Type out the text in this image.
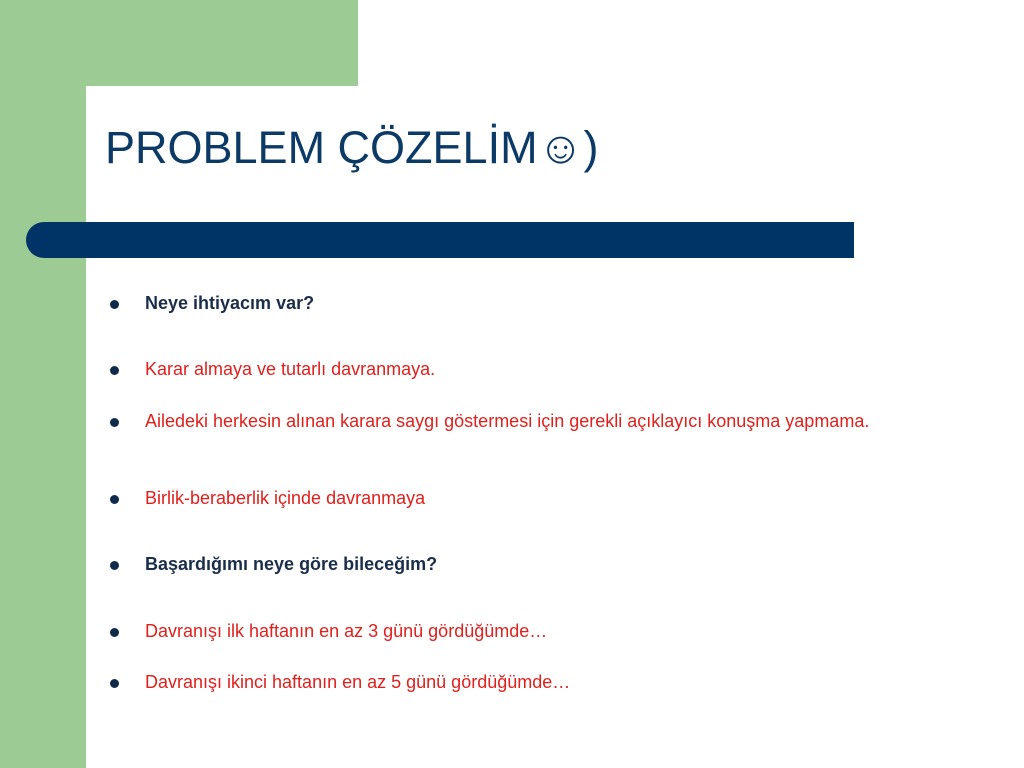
PROBLEM ÇÖZELİM☺)
Neye ihtiyacım var?
Karar almaya ve tutarlı davranmaya.
Ailedeki herkesin alınan karara saygı göstermesi için gerekli açıklayıcı konuşma yapmama.
Birlik-beraberlik içinde davranmaya
Başardığımı neye göre bileceğim?
Davranışı ilk haftanın en az 3 günü gördüğümde…
Davranışı ikinci haftanın en az 5 günü gördüğümde…
